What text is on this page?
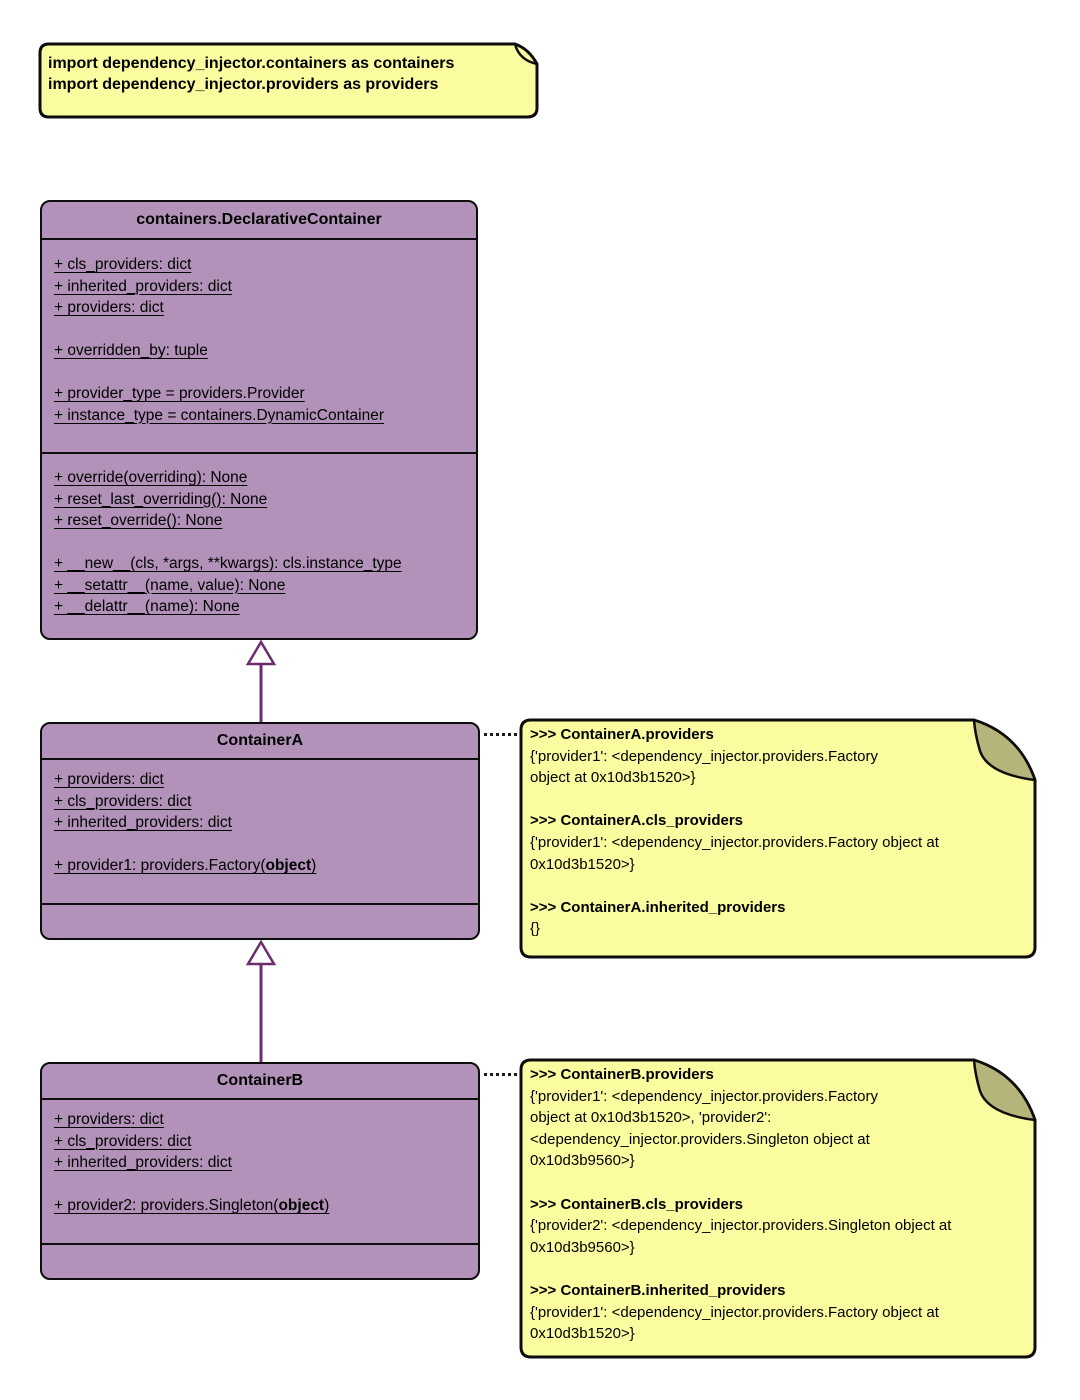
import dependency_injector.containers as containers
import dependency_injector.providers as providers
containers.DeclarativeContainer
+ cls_providers: dict
+ inherited_providers: dict
+ providers: dict

+ overridden_by: tuple

+ provider_type = providers.Provider
+ instance_type = containers.DynamicContainer
+ override(overriding): None
+ reset_last_overriding(): None
+ reset_override(): None

+ __new__(cls, *args, **kwargs): cls.instance_type
+ __setattr__(name, value): None
+ __delattr__(name): None
ContainerA
+ providers: dict
+ cls_providers: dict
+ inherited_providers: dict

+ provider1: providers.Factory(object)
>>> ContainerA.providers
{'provider1': <dependency_injector.providers.Factory
object at 0x10d3b1520>}

>>> ContainerA.cls_providers
{'provider1': <dependency_injector.providers.Factory object at
0x10d3b1520>}

>>> ContainerA.inherited_providers
{}
ContainerB
+ providers: dict
+ cls_providers: dict
+ inherited_providers: dict

+ provider2: providers.Singleton(object)
>>> ContainerB.providers
{'provider1': <dependency_injector.providers.Factory
object at 0x10d3b1520>, 'provider2':
<dependency_injector.providers.Singleton object at
0x10d3b9560>}

>>> ContainerB.cls_providers
{'provider2': <dependency_injector.providers.Singleton object at
0x10d3b9560>}

>>> ContainerB.inherited_providers
{'provider1': <dependency_injector.providers.Factory object at
0x10d3b1520>}
